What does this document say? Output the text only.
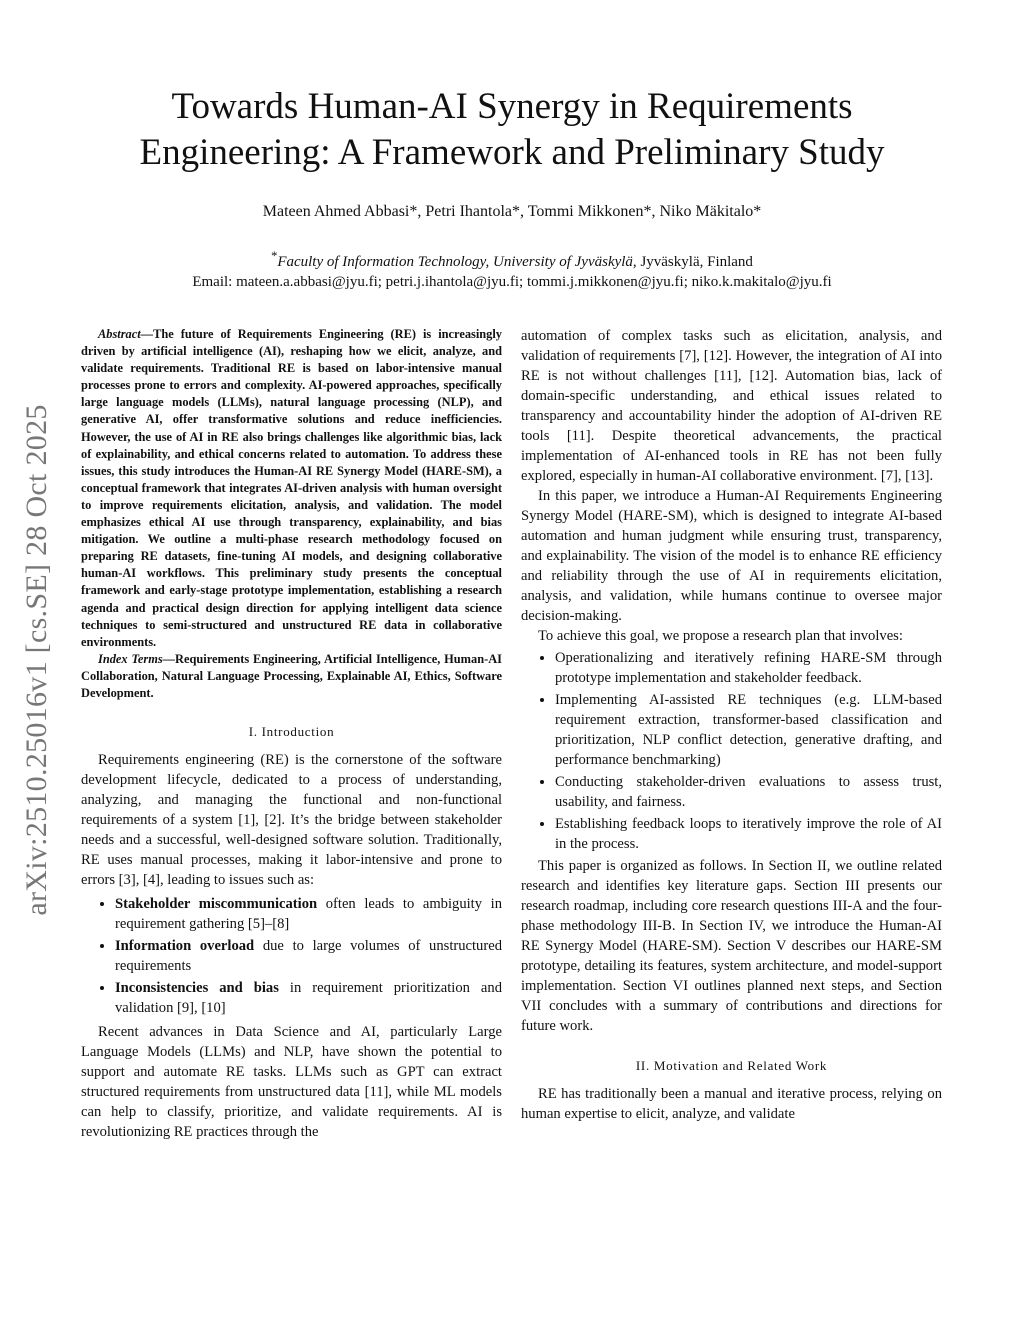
arXiv:2510.25016v1 [cs.SE] 28 Oct 2025
Towards Human-AI Synergy in Requirements
Engineering: A Framework and Preliminary Study
Mateen Ahmed Abbasi*, Petri Ihantola*, Tommi Mikkonen*, Niko Mäkitalo*
*Faculty of Information Technology, University of Jyväskylä, Jyväskylä, Finland
Email: mateen.a.abbasi@jyu.fi; petri.j.ihantola@jyu.fi; tommi.j.mikkonen@jyu.fi; niko.k.makitalo@jyu.fi

Abstract—The future of Requirements Engineering (RE) is increasingly driven by artificial intelligence (AI), reshaping how we elicit, analyze, and validate requirements. Traditional RE is based on labor-intensive manual processes prone to errors and complexity. AI-powered approaches, specifically large language models (LLMs), natural language processing (NLP), and generative AI, offer transformative solutions and reduce inefficiencies. However, the use of AI in RE also brings challenges like algorithmic bias, lack of explainability, and ethical concerns related to automation. To address these issues, this study introduces the Human-AI RE Synergy Model (HARE-SM), a conceptual framework that integrates AI-driven analysis with human oversight to improve requirements elicitation, analysis, and validation. The model emphasizes ethical AI use through transparency, explainability, and bias mitigation. We outline a multi-phase research methodology focused on preparing RE datasets, fine-tuning AI models, and designing collaborative human-AI workflows. This preliminary study presents the conceptual framework and early-stage prototype implementation, establishing a research agenda and practical design direction for applying intelligent data science techniques to semi-structured and unstructured RE data in collaborative environments.

Index Terms—Requirements Engineering, Artificial Intelligence, Human-AI Collaboration, Natural Language Processing, Explainable AI, Ethics, Software Development.

I. Introduction

Requirements engineering (RE) is the cornerstone of the software development lifecycle, dedicated to a process of understanding, analyzing, and managing the functional and non-functional requirements of a system [1], [2]. It’s the bridge between stakeholder needs and a successful, well-designed software solution. Traditionally, RE uses manual processes, making it labor-intensive and prone to errors [3], [4], leading to issues such as:

• Stakeholder miscommunication often leads to ambiguity in requirement gathering [5]–[8]
• Information overload due to large volumes of unstructured requirements
• Inconsistencies and bias in requirement prioritization and validation [9], [10]

Recent advances in Data Science and AI, particularly Large Language Models (LLMs) and NLP, have shown the potential to support and automate RE tasks. LLMs such as GPT can extract structured requirements from unstructured data [11], while ML models can help to classify, prioritize, and validate requirements. AI is revolutionizing RE practices through the

automation of complex tasks such as elicitation, analysis, and validation of requirements [7], [12]. However, the integration of AI into RE is not without challenges [11], [12]. Automation bias, lack of domain-specific understanding, and ethical issues related to transparency and accountability hinder the adoption of AI-driven RE tools [11]. Despite theoretical advancements, the practical implementation of AI-enhanced tools in RE has not been fully explored, especially in human-AI collaborative environment. [7], [13].

In this paper, we introduce a Human-AI Requirements Engineering Synergy Model (HARE-SM), which is designed to integrate AI-based automation and human judgment while ensuring trust, transparency, and explainability. The vision of the model is to enhance RE efficiency and reliability through the use of AI in requirements elicitation, analysis, and validation, while humans continue to oversee major decision-making.

To achieve this goal, we propose a research plan that involves:

• Operationalizing and iteratively refining HARE-SM through prototype implementation and stakeholder feedback.
• Implementing AI-assisted RE techniques (e.g. LLM-based requirement extraction, transformer-based classification and prioritization, NLP conflict detection, generative drafting, and performance benchmarking)
• Conducting stakeholder-driven evaluations to assess trust, usability, and fairness.
• Establishing feedback loops to iteratively improve the role of AI in the process.

This paper is organized as follows. In Section II, we outline related research and identifies key literature gaps. Section III presents our research roadmap, including core research questions III-A and the four-phase methodology III-B. In Section IV, we introduce the Human-AI RE Synergy Model (HARE-SM). Section V describes our HARE-SM prototype, detailing its features, system architecture, and model-support implementation. Section VI outlines planned next steps, and Section VII concludes with a summary of contributions and directions for future work.

II. Motivation and Related Work

RE has traditionally been a manual and iterative process, relying on human expertise to elicit, analyze, and validate
